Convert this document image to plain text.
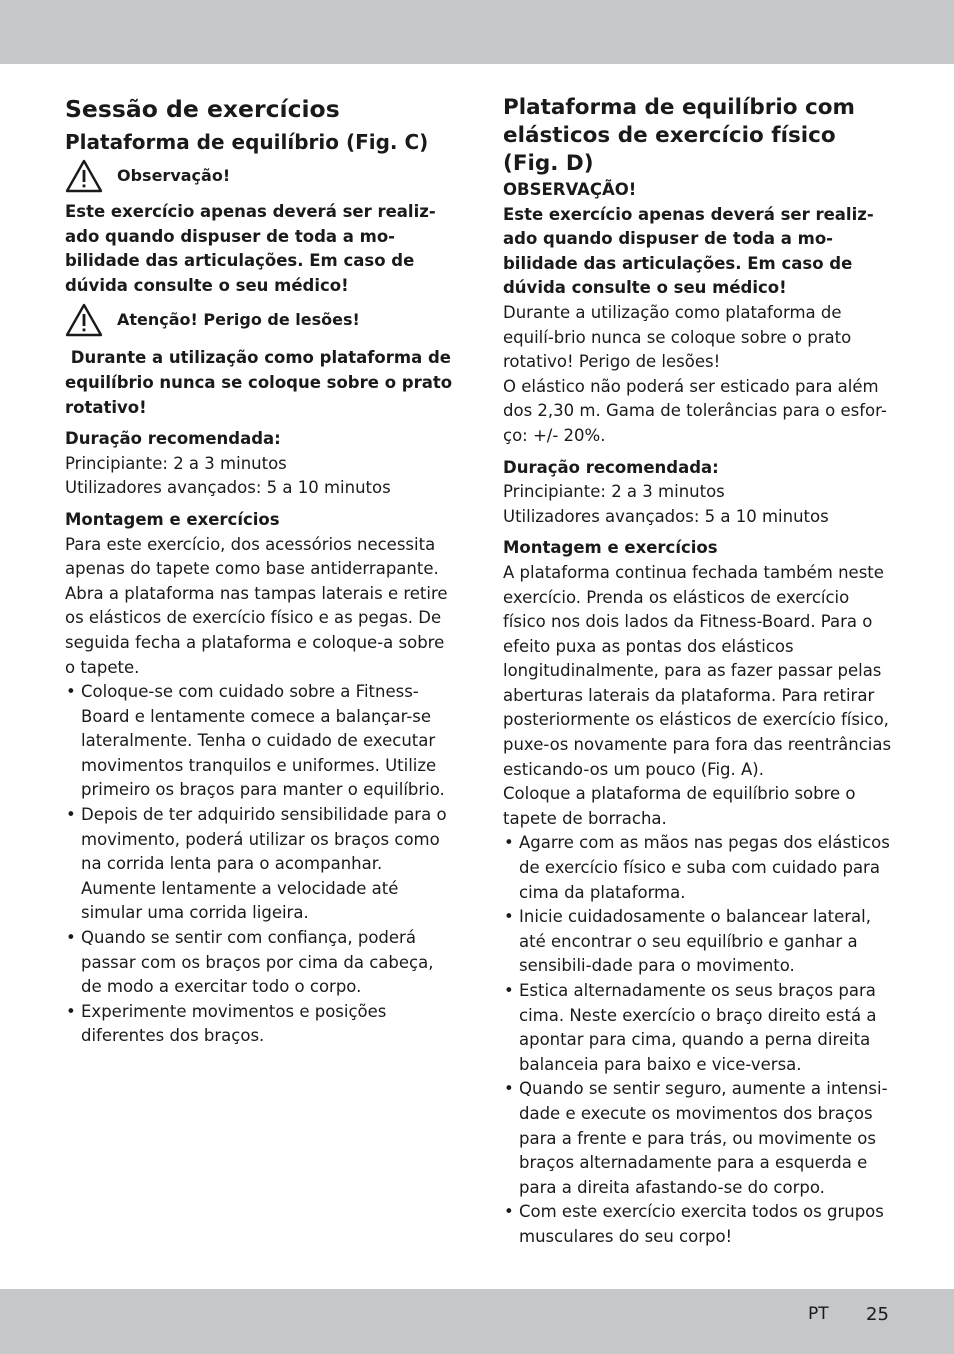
Sessão de exercícios
Plataforma de equilíbrio (Fig. C)
Observação!

Este exercício apenas deverá ser realiz-ado quando dispuser de toda a mo-bilidade das articulações. Em caso de dúvida consulte o seu médico!

Atenção! Perigo de lesões!

Durante a utilização como plataforma de equilíbrio nunca se coloque sobre o prato rotativo!

Duração recomendada:

Principiante: 2 a 3 minutos

Utilizadores avançados: 5 a 10 minutos

Montagem e exercícios

Para este exercício, dos acessórios necessita apenas do tapete como base antiderrapante. Abra a plataforma nas tampas laterais e retire os elásticos de exercício físico e as pegas. De seguida fecha a plataforma e coloque-a sobre o tapete.

• Coloque-se com cuidado sobre a Fitness-Board e lentamente comece a balançar-se lateralmente. Tenha o cuidado de executar movimentos tranquilos e uniformes. Utilize primeiro os braços para manter o equilíbrio.
• Depois de ter adquirido sensibilidade para o movimento, poderá utilizar os braços como na corrida lenta para o acompanhar.
Aumente lentamente a velocidade até simular uma corrida ligeira.
• Quando se sentir com confiança, poderá passar com os braços por cima da cabeça, de modo a exercitar todo o corpo.
• Experimente movimentos e posições diferentes dos braços.
Plataforma de equilíbrio com elásticos de exercício físico (Fig. D)

OBSERVAÇÃO!

Este exercício apenas deverá ser realiz-ado quando dispuser de toda a mo-bilidade das articulações. Em caso de dúvida consulte o seu médico!

Durante a utilização como plataforma de equilí-brio nunca se coloque sobre o prato rotativo! Perigo de lesões!

O elástico não poderá ser esticado para além dos 2,30 m. Gama de tolerâncias para o esfor-ço: +/- 20%.

Duração recomendada:

Principiante: 2 a 3 minutos

Utilizadores avançados: 5 a 10 minutos

Montagem e exercícios

A plataforma continua fechada também neste exercício. Prenda os elásticos de exercício físico nos dois lados da Fitness-Board. Para o efeito puxa as pontas dos elásticos longitudinalmente, para as fazer passar pelas aberturas laterais da plataforma. Para retirar posteriormente os elásticos de exercício físico, puxe-os novamente para fora das reentrâncias esticando-os um pouco (Fig. A).

Coloque a plataforma de equilíbrio sobre o tapete de borracha.

• Agarre com as mãos nas pegas dos elásticos de exercício físico e suba com cuidado para cima da plataforma.
• Inicie cuidadosamente o balancear lateral, até encontrar o seu equilíbrio e ganhar a sensibili-dade para o movimento.
• Estica alternadamente os seus braços para cima. Neste exercício o braço direito está a apontar para cima, quando a perna direita balanceia para baixo e vice-versa.
• Quando se sentir seguro, aumente a intensi-dade e execute os movimentos dos braços para a frente e para trás, ou movimente os braços alternadamente para a esquerda e para a direita afastando-se do corpo.
• Com este exercício exercita todos os grupos musculares do seu corpo!
PT 25
